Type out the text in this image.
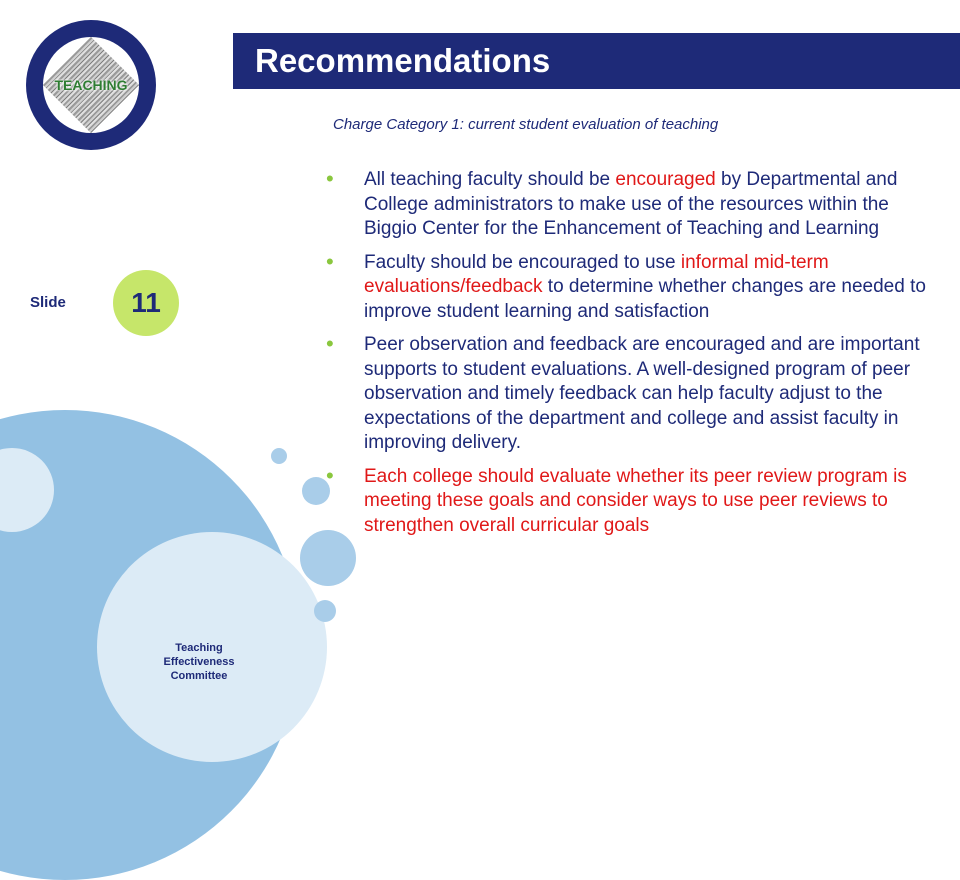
TEACHING
Recommendations
Charge Category 1: current student evaluation of teaching
Slide	11
Teaching
Effectiveness
Committee
• All teaching faculty should be encouraged by Departmental and College administrators to make use of the resources within the Biggio Center for the Enhancement of Teaching and Learning
• Faculty should be encouraged to use informal mid-term evaluations/feedback to determine whether changes are needed to improve student learning and satisfaction
• Peer observation and feedback are encouraged and are important supports to student evaluations. A well-designed program of peer observation and timely feedback can help faculty adjust to the expectations of the department and college and assist faculty in improving delivery.
• Each college should evaluate whether its peer review program is meeting these goals and consider ways to use peer reviews to strengthen overall curricular goals
